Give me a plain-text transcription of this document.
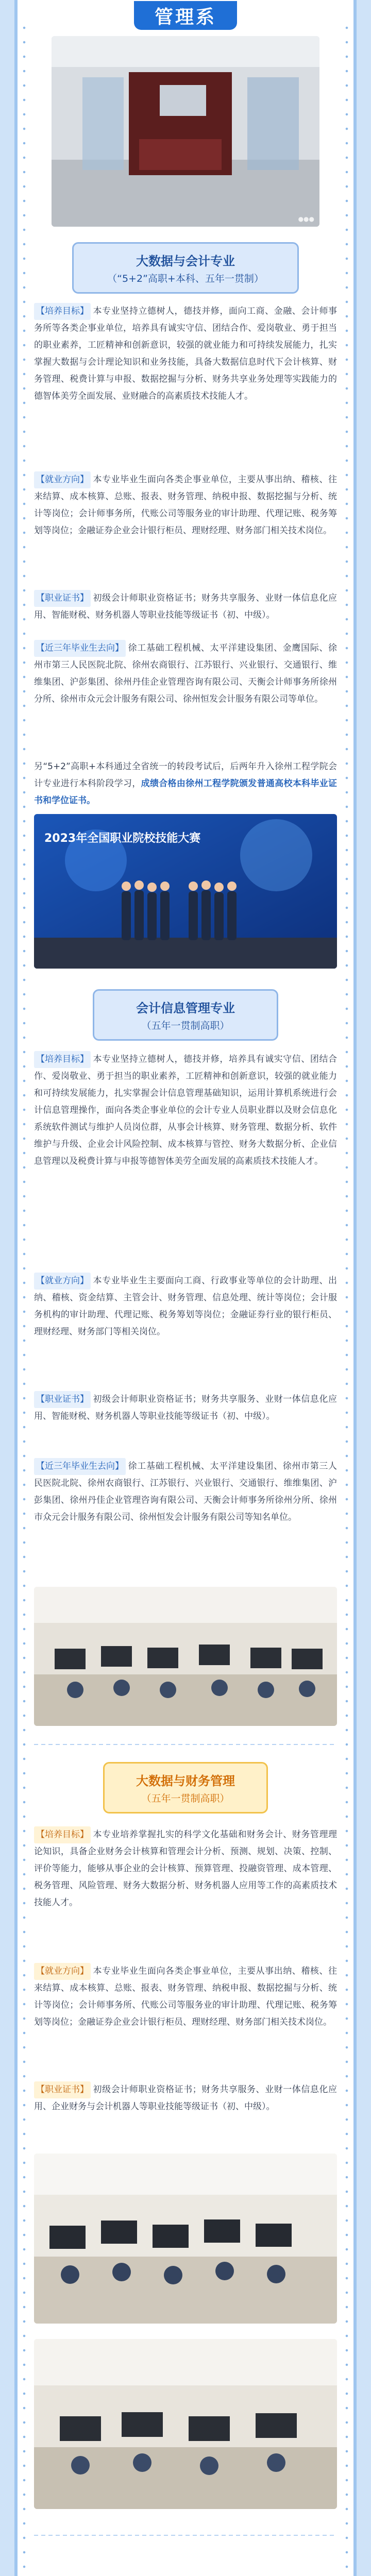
管理系
●●●
大数据与会计专业
（“5+2”高职+本科、五年一贯制）
【培养目标】 本专业坚持立德树人，德技并修，面向工商、金融、会计师事务所等各类企事业单位，培养具有诚实守信、团结合作、爱岗敬业、勇于担当的职业素养，工匠精神和创新意识，较强的就业能力和可持续发展能力，扎实掌握大数据与会计理论知识和业务技能，具备大数据信息时代下会计核算、财务管理、税费计算与申报、数据挖掘与分析、财务共享业务处理等实践能力的德智体美劳全面发展、业财融合的高素质技术技能人才。
【就业方向】 本专业毕业生面向各类企事业单位，主要从事出纳、稽核、往来结算、成本核算、总账、报表、财务管理、纳税申报、数据挖掘与分析、统计等岗位；会计师事务所，代账公司等服务业的审计助理、代理记账、税务筹划等岗位；金融证券企业会计银行柜员、理财经理、财务部门相关技术岗位。
【职业证书】 初级会计师职业资格证书；财务共享服务、业财一体信息化应用、智能财税、财务机器人等职业技能等级证书（初、中级）。
【近三年毕业生去向】 徐工基础工程机械、太平洋建设集团、金鹰国际、徐州市第三人民医院北院、徐州农商银行、江苏银行、兴业银行、交通银行、维维集团、沪彭集团、徐州丹佳企业管理咨询有限公司、天衡会计师事务所徐州分所、徐州市众元会计服务有限公司、徐州恒发会计服务有限公司等单位。
另“5+2”高职+本科通过全省统一的转段考试后，后两年升入徐州工程学院会计专业进行本科阶段学习，成绩合格由徐州工程学院颁发普通高校本科毕业证书和学位证书。
2023年全国职业院校技能大赛
会计信息管理专业
（五年一贯制高职）
【培养目标】 本专业坚持立德树人，德技并修，培养具有诚实守信、团结合作、爱岗敬业、勇于担当的职业素养，工匠精神和创新意识，较强的就业能力和可持续发展能力，扎实掌握会计信息管理基础知识，运用计算机系统进行会计信息管理操作，面向各类企事业单位的会计专业人员职业群以及财会信息化系统软件测试与维护人员岗位群，从事会计核算、财务管理、数据分析、软件维护与升级、企业会计风险控制、成本核算与管控、财务大数据分析、企业信息管理以及税费计算与申报等德智体美劳全面发展的高素质技术技能人才。
【就业方向】 本专业毕业生主要面向工商、行政事业等单位的会计助理、出纳、稽核、资金结算、主管会计、财务管理、信息处理、统计等岗位；会计服务机构的审计助理、代理记账、税务筹划等岗位；金融证券行业的银行柜员、理财经理、财务部门等相关岗位。
【职业证书】 初级会计师职业资格证书；财务共享服务、业财一体信息化应用、智能财税、财务机器人等职业技能等级证书（初、中级）。
【近三年毕业生去向】 徐工基础工程机械、太平洋建设集团、徐州市第三人民医院北院、徐州农商银行、江苏银行、兴业银行、交通银行、维维集团、沪彭集团、徐州丹佳企业管理咨询有限公司、天衡会计师事务所徐州分所、徐州市众元会计服务有限公司、徐州恒发会计服务有限公司等知名单位。
大数据与财务管理
（五年一贯制高职）
【培养目标】 本专业培养掌握扎实的科学文化基础和财务会计、财务管理理论知识，具备企业财务会计核算和管理会计分析、预测、规划、决策、控制、评价等能力，能够从事企业的会计核算、预算管理、投融资管理、成本管理、税务管理、风险管理、财务大数据分析、财务机器人应用等工作的高素质技术技能人才。
【就业方向】 本专业毕业生面向各类企事业单位，主要从事出纳、稽核、往来结算、成本核算、总账、报表、财务管理、纳税申报、数据挖掘与分析、统计等岗位；会计师事务所、代账公司等服务业的审计助理、代理记账、税务筹划等岗位；金融证券企业会计银行柜员、理财经理、财务部门相关技术岗位。
【职业证书】 初级会计师职业资格证书；财务共享服务、业财一体信息化应用、企业财务与会计机器人等职业技能等级证书（初、中级）。
